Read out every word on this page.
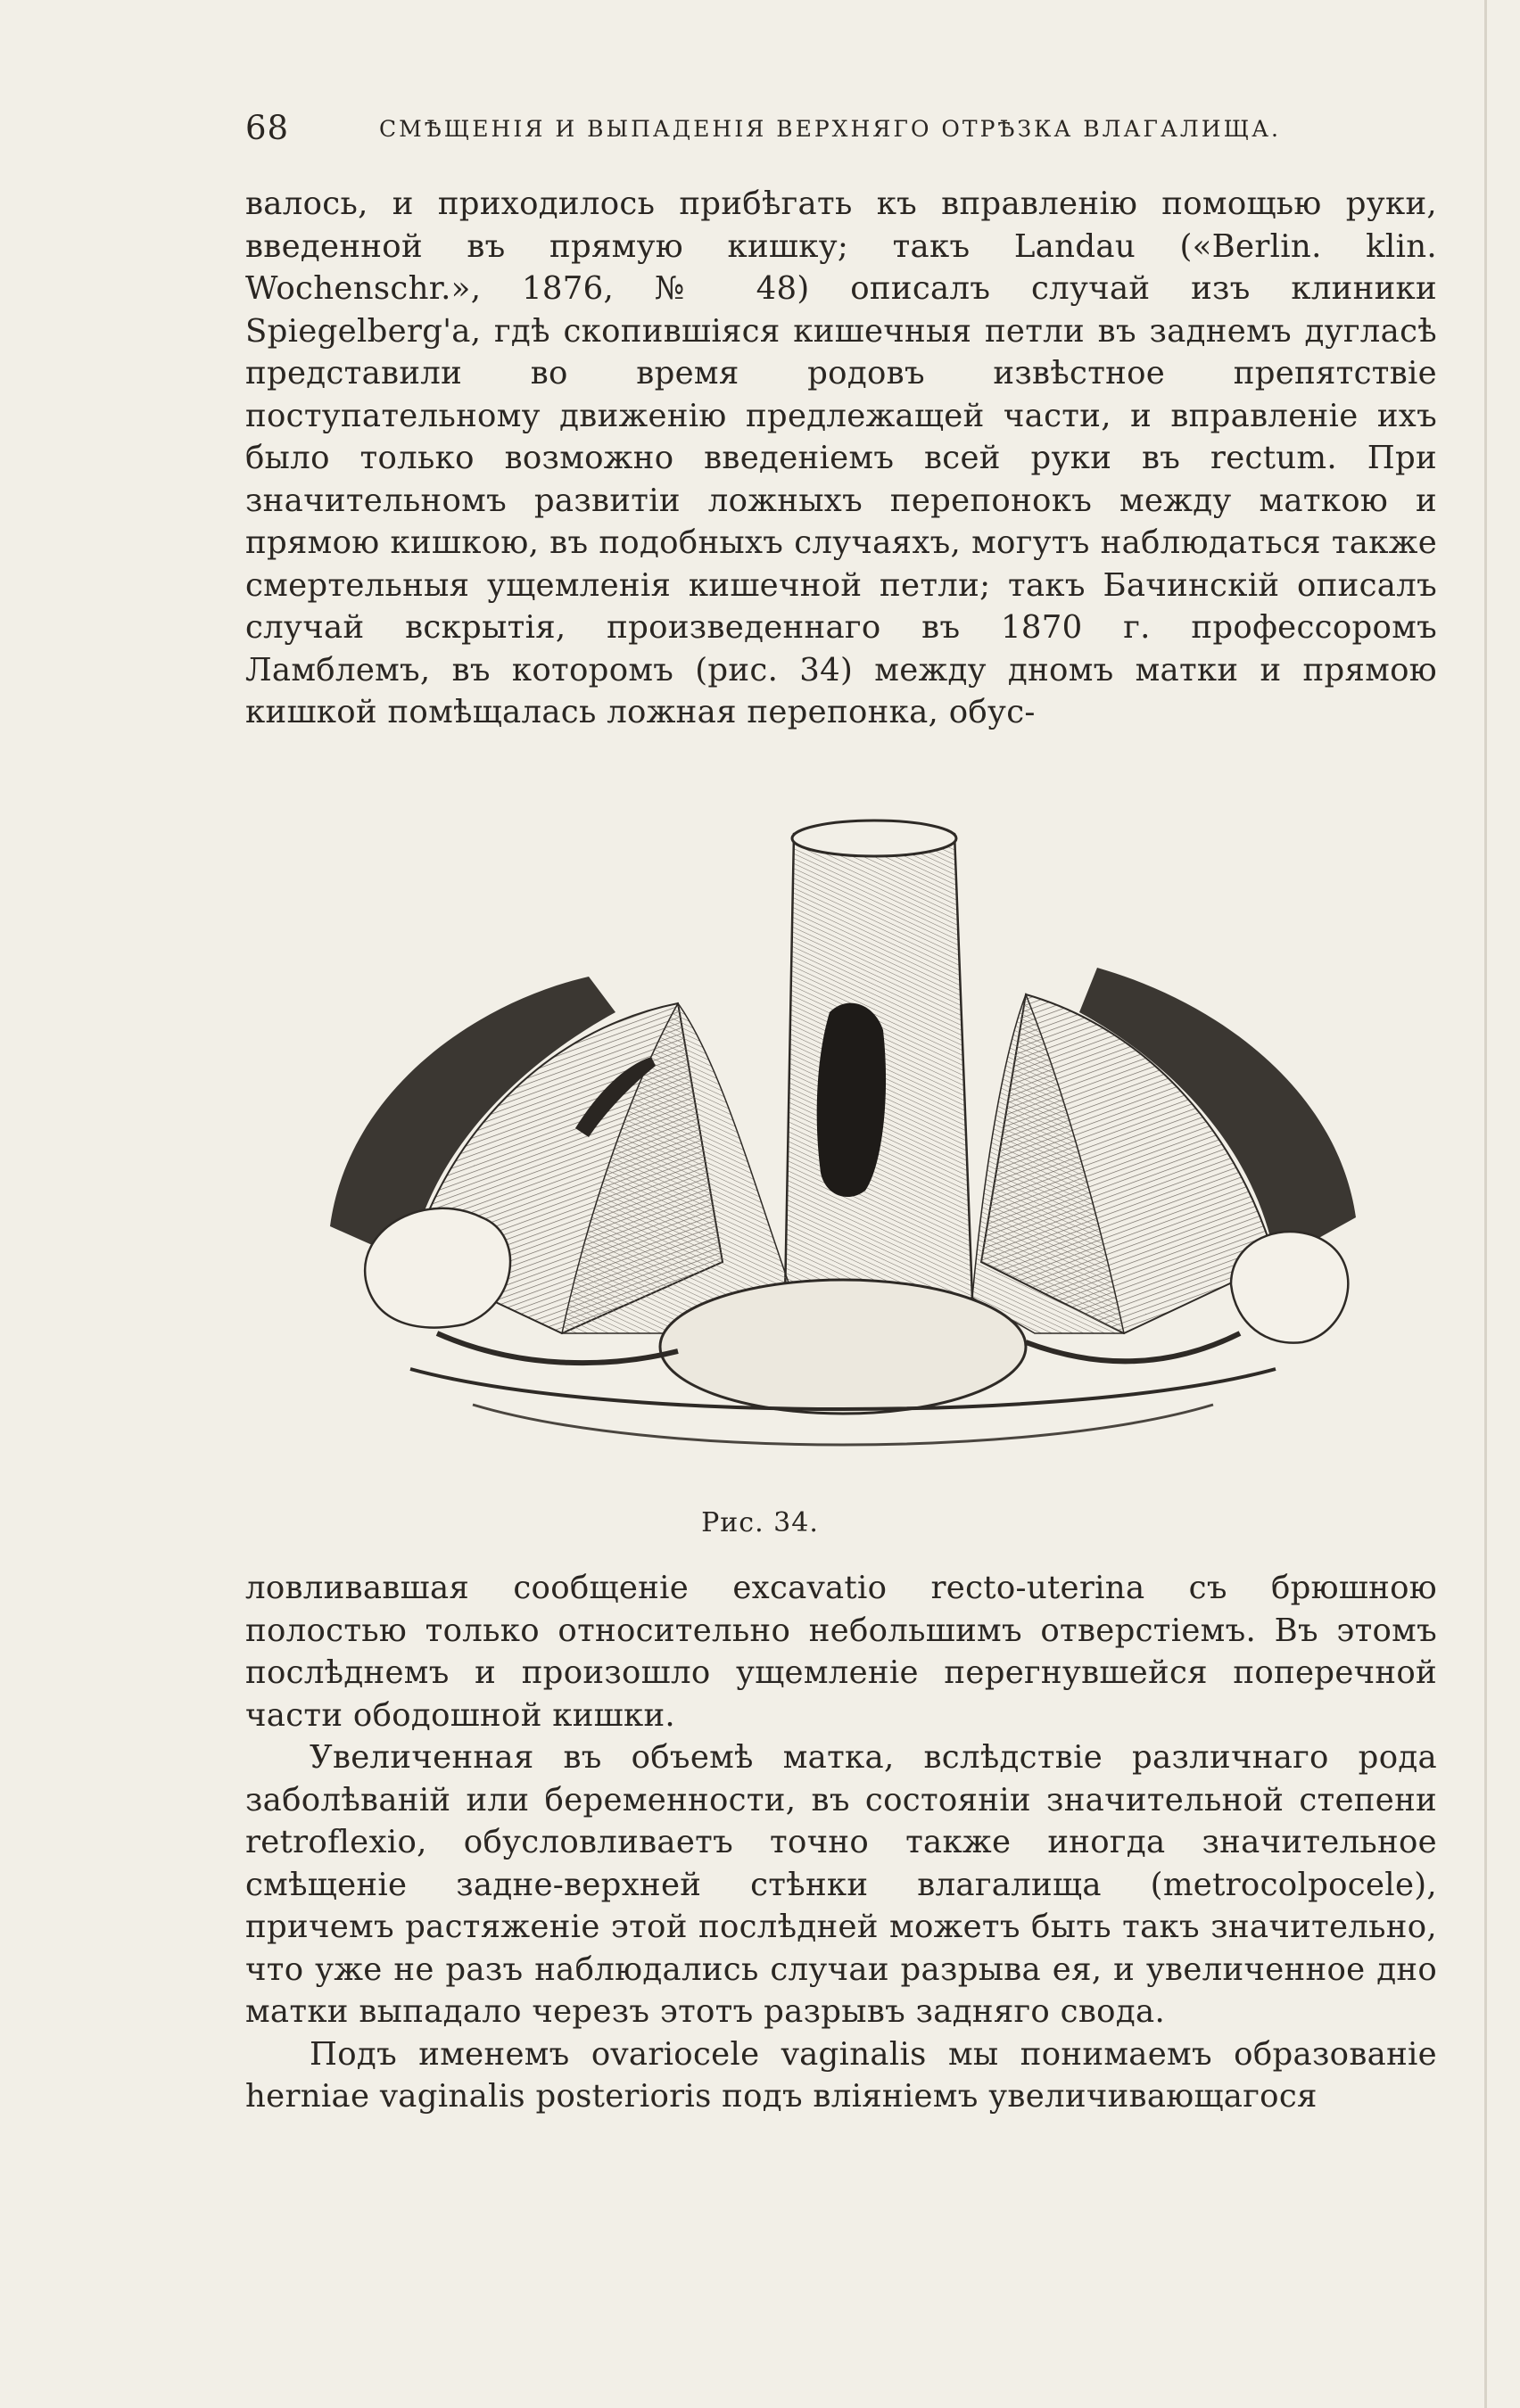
68	СМѢЩЕНІЯ И ВЫПАДЕНІЯ ВЕРХНЯГО ОТРѢЗКА ВЛАГАЛИЩА.

валось, и приходилось прибѣгать къ вправленію помощью руки, введенной въ прямую кишку; такъ Landau («Berlin. klin. Wochenschr.», 1876, № 48) описалъ случай изъ клиники Spiegelberg'а, гдѣ скопившіяся кишечныя петли въ заднемъ дугласѣ представили во время родовъ извѣстное препятствіе поступательному движенію предлежащей части, и вправленіе ихъ было только возможно введеніемъ всей руки въ rectum. При значительномъ развитіи ложныхъ перепонокъ между маткою и прямою кишкою, въ подобныхъ случаяхъ, могутъ наблюдаться также смертельныя ущемленія кишечной петли; такъ Бачинскій описалъ случай вскрытія, произведеннаго въ 1870 г. профессоромъ Ламблемъ, въ которомъ (рис. 34) между дномъ матки и прямою кишкой помѣщалась ложная перепонка, обус-

Рис. 34.

ловливавшая сообщеніе excavatio recto-uterina съ брюшною полостью только относительно небольшимъ отверстіемъ. Въ этомъ послѣднемъ и произошло ущемленіе перегнувшейся поперечной части ободошной кишки.

Увеличенная въ объемѣ матка, вслѣдствіе различнаго рода заболѣваній или беременности, въ состояніи значительной степени retroflexio, обусловливаетъ точно также иногда значительное смѣщеніе задне-верхней стѣнки влагалища (metrocolpocele), причемъ растяженіе этой послѣдней можетъ быть такъ значительно, что уже не разъ наблюдались случаи разрыва ея, и увеличенное дно матки выпадало черезъ этотъ разрывъ задняго свода.

Подъ именемъ ovariocele vaginalis мы понимаемъ образованіе herniae vaginalis posterioris подъ вліяніемъ увеличивающагося
